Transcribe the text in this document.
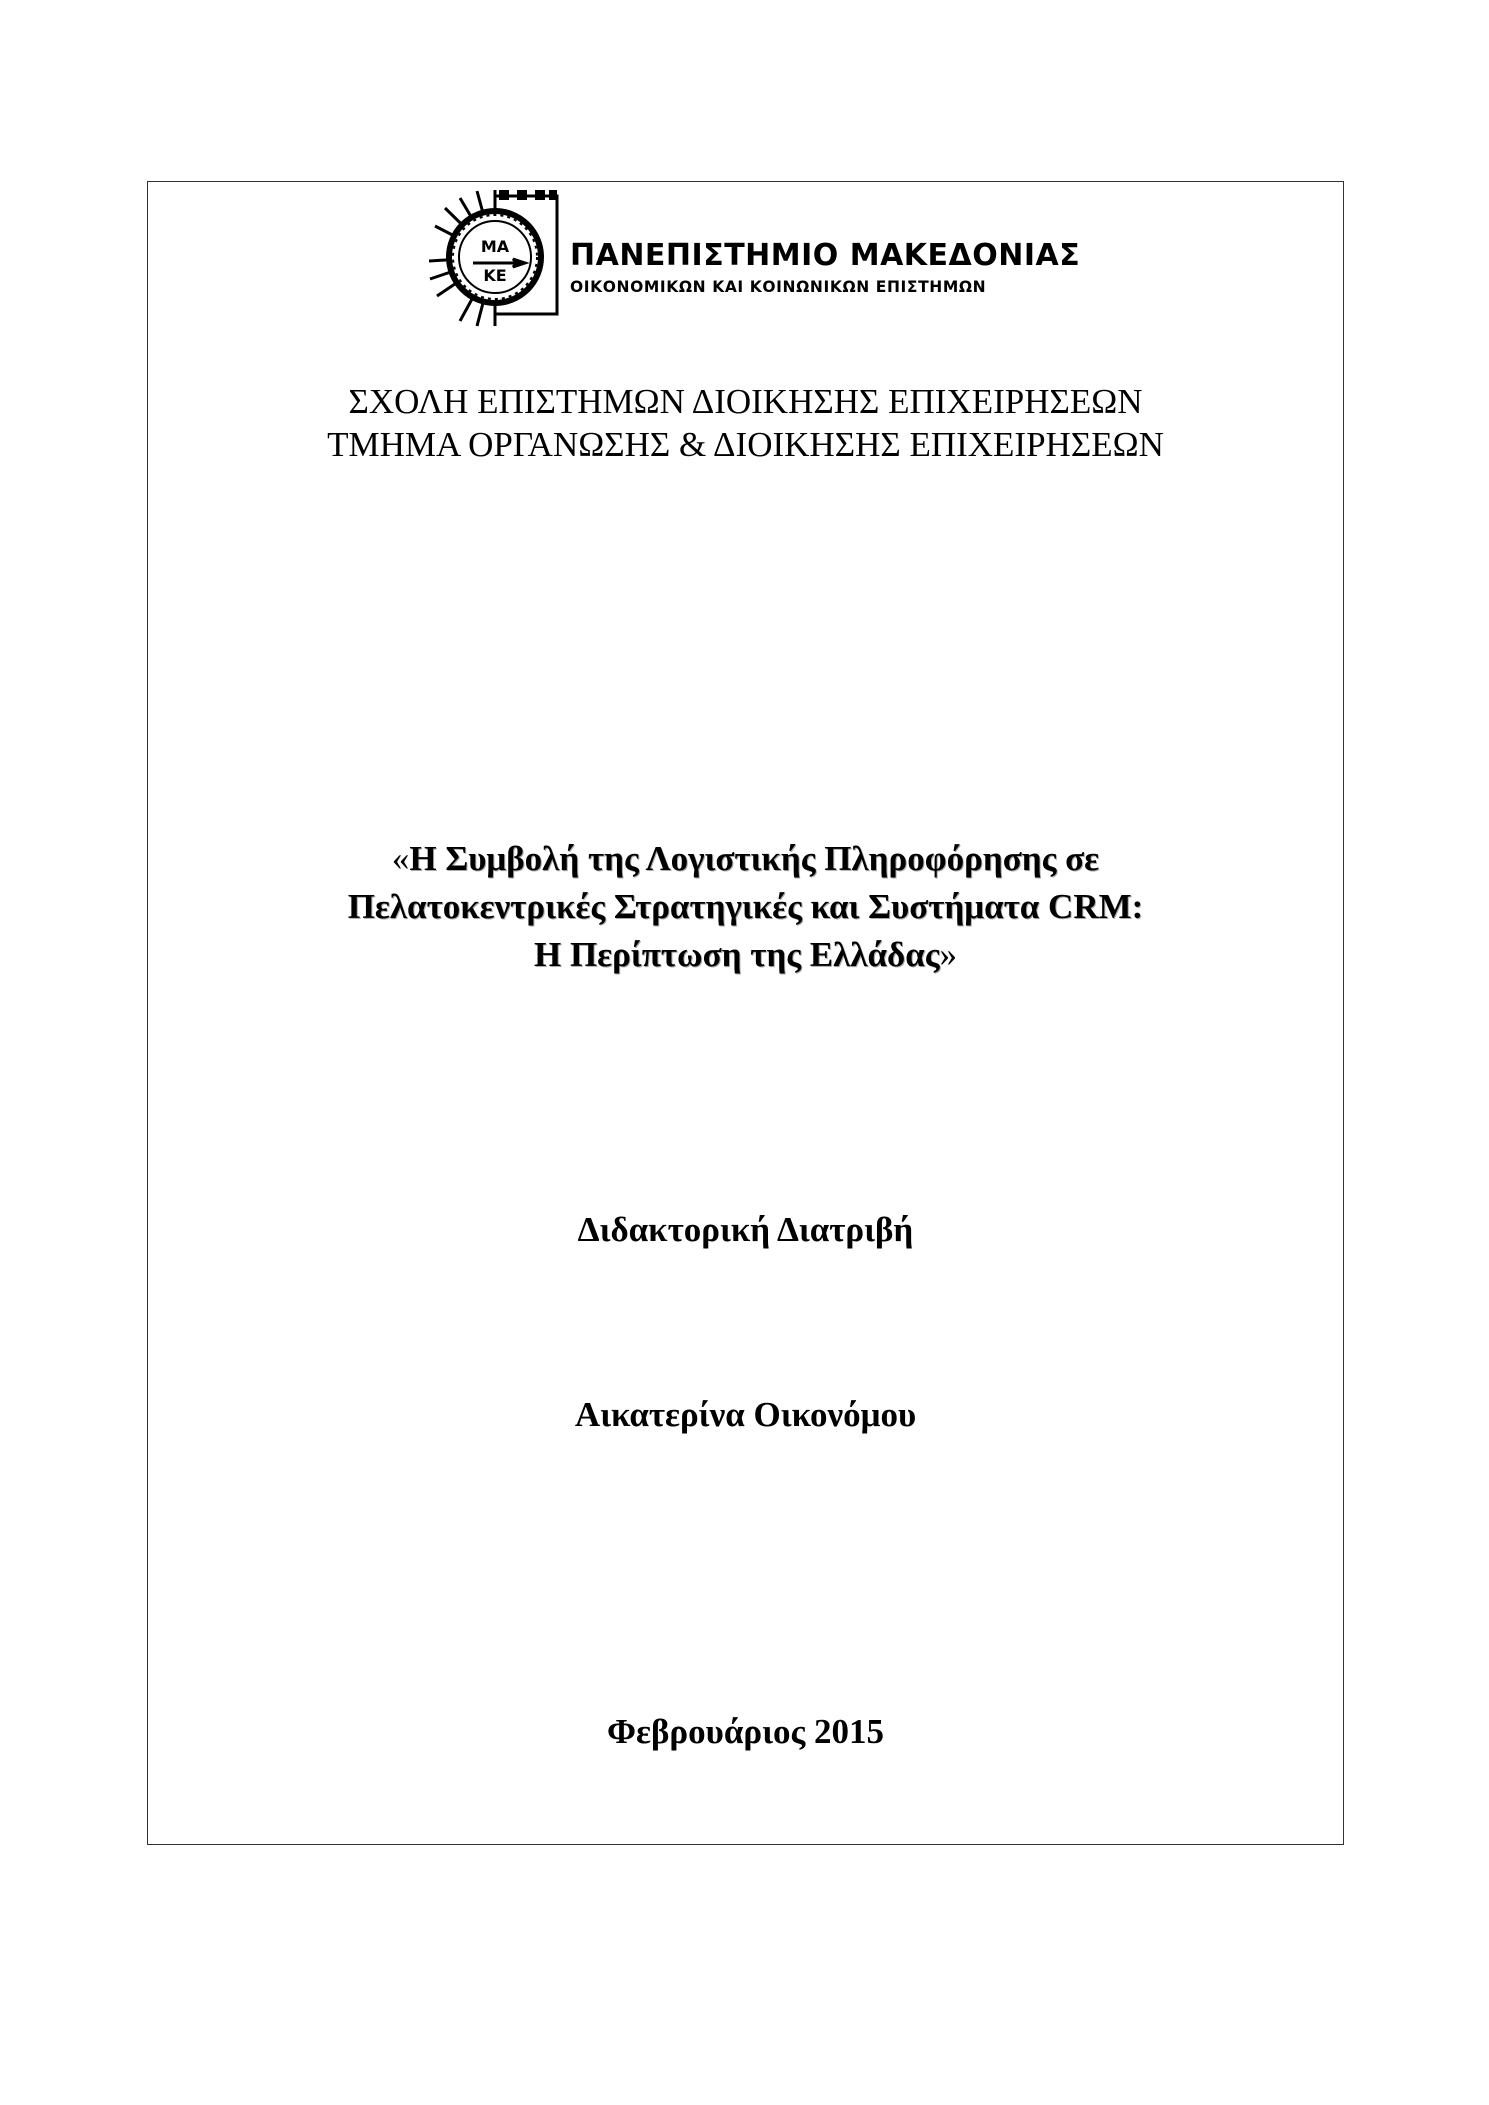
ΜΑ
ΚΕ
ΠΑΝΕΠΙΣΤΗΜΙΟ ΜΑΚΕΔΟΝΙΑΣ
ΟΙΚΟΝΟΜΙΚΩΝ ΚΑΙ ΚΟΙΝΩΝΙΚΩΝ ΕΠΙΣΤΗΜΩΝ
ΣΧΟΛΗ ΕΠΙΣΤΗΜΩΝ ΔΙΟΙΚΗΣΗΣ ΕΠΙΧΕΙΡΗΣΕΩΝ
ΤΜΗΜΑ ΟΡΓΑΝΩΣΗΣ & ΔΙΟΙΚΗΣΗΣ ΕΠΙΧΕΙΡΗΣΕΩΝ
«Η Συμβολή της Λογιστικής Πληροφόρησης σε
Πελατοκεντρικές Στρατηγικές και Συστήματα CRM:
Η Περίπτωση της Ελλάδας»
Διδακτορική Διατριβή
Αικατερίνα Οικονόμου
Φεβρουάριος 2015
